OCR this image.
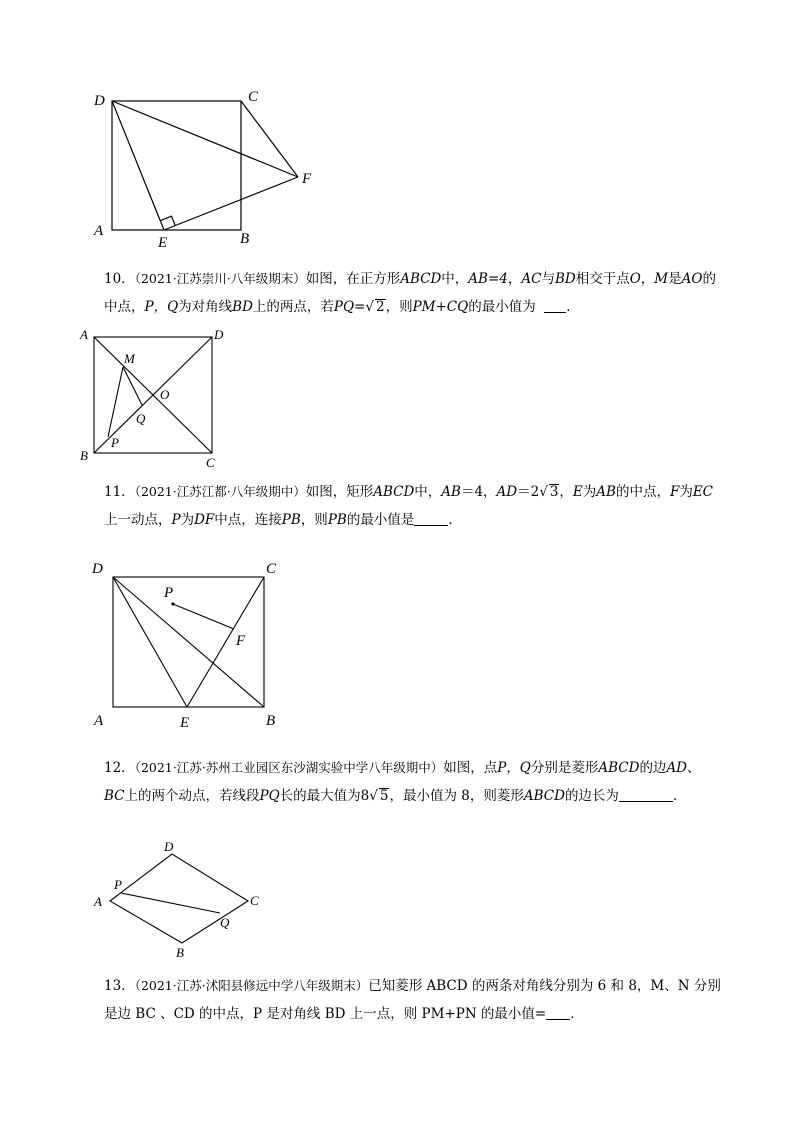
D	C
F
A
E	B

10．（2021·江苏崇川·八年级期末）如图，在正方形ABCD中，AB=4，AC与BD相交于点O，M是AO的

中点，P，Q为对角线BD上的两点，若PQ=√ 2，则PM+CQ的最小值为 ．

A	D
M
O
Q
P
B	C

11．（2021·江苏江都·八年级期中）如图，矩形ABCD中，AB＝4，AD＝2√ 3，E为AB的中点，F为EC

上一动点，P为DF中点，连接PB，则PB的最小值是	．

D	C
P
F
A	E	B

12．（2021·江苏·苏州工业园区东沙湖实验中学八年级期中）如图，点P，Q分别是菱形ABCD的边AD、

BC上的两个动点，若线段PQ长的最大值为8√ 5，最小值为 8，则菱形ABCD的边长为	．

D
P
A	C
Q
B

13．（2021·江苏·沭阳县修远中学八年级期末）已知菱形 ABCD 的两条对角线分别为 6 和 8，M、N 分别

是边 BC 、CD 的中点，P 是对角线 BD 上一点，则 PM+PN 的最小值= ．
